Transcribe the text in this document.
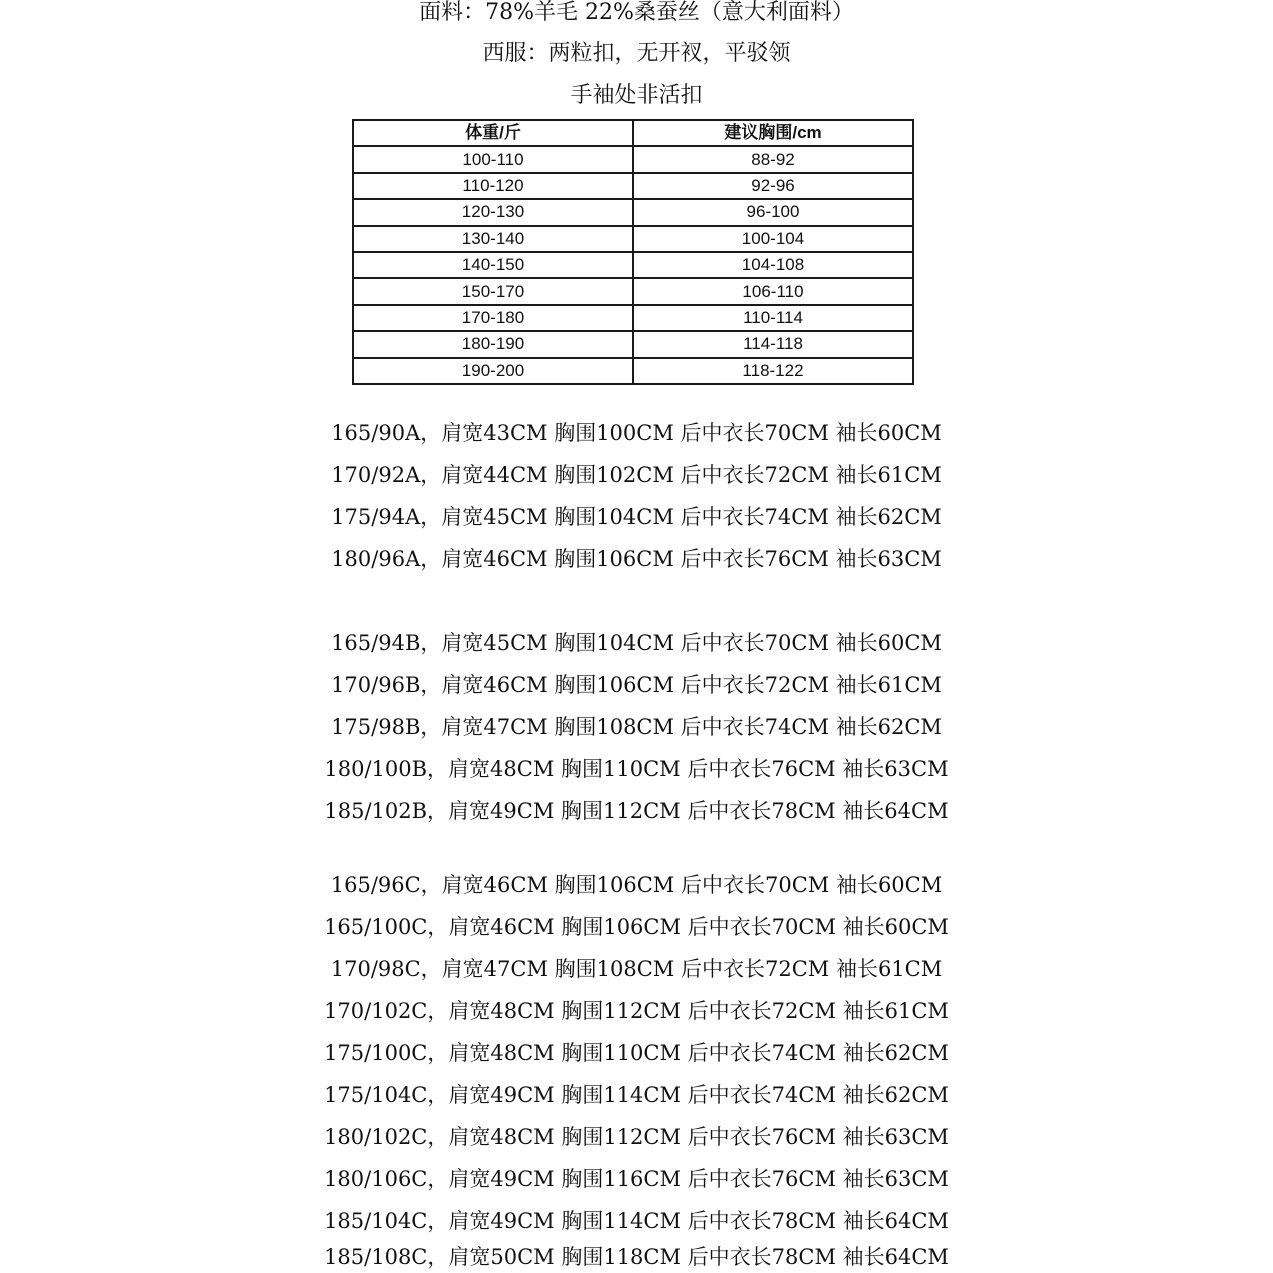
面料：78%羊毛 22%桑蚕丝（意大利面料）
西服：两粒扣，无开衩，平驳领
手袖处非活扣
体重/斤	建议胸围/cm
100-110	88-92
110-120	92-96
120-130	96-100
130-140	100-104
140-150	104-108
150-170	106-110
170-180	110-114
180-190	114-118
190-200	118-122
165/90A，肩宽43CM 胸围100CM 后中衣长70CM 袖长60CM
170/92A，肩宽44CM 胸围102CM 后中衣长72CM 袖长61CM
175/94A，肩宽45CM 胸围104CM 后中衣长74CM 袖长62CM
180/96A，肩宽46CM 胸围106CM 后中衣长76CM 袖长63CM
165/94B，肩宽45CM 胸围104CM 后中衣长70CM 袖长60CM
170/96B，肩宽46CM 胸围106CM 后中衣长72CM 袖长61CM
175/98B，肩宽47CM 胸围108CM 后中衣长74CM 袖长62CM
180/100B，肩宽48CM 胸围110CM 后中衣长76CM 袖长63CM
185/102B，肩宽49CM 胸围112CM 后中衣长78CM 袖长64CM
165/96C，肩宽46CM 胸围106CM 后中衣长70CM 袖长60CM
165/100C，肩宽46CM 胸围106CM 后中衣长70CM 袖长60CM
170/98C，肩宽47CM 胸围108CM 后中衣长72CM 袖长61CM
170/102C，肩宽48CM 胸围112CM 后中衣长72CM 袖长61CM
175/100C，肩宽48CM 胸围110CM 后中衣长74CM 袖长62CM
175/104C，肩宽49CM 胸围114CM 后中衣长74CM 袖长62CM
180/102C，肩宽48CM 胸围112CM 后中衣长76CM 袖长63CM
180/106C，肩宽49CM 胸围116CM 后中衣长76CM 袖长63CM
185/104C，肩宽49CM 胸围114CM 后中衣长78CM 袖长64CM
185/108C，肩宽50CM 胸围118CM 后中衣长78CM 袖长64CM
